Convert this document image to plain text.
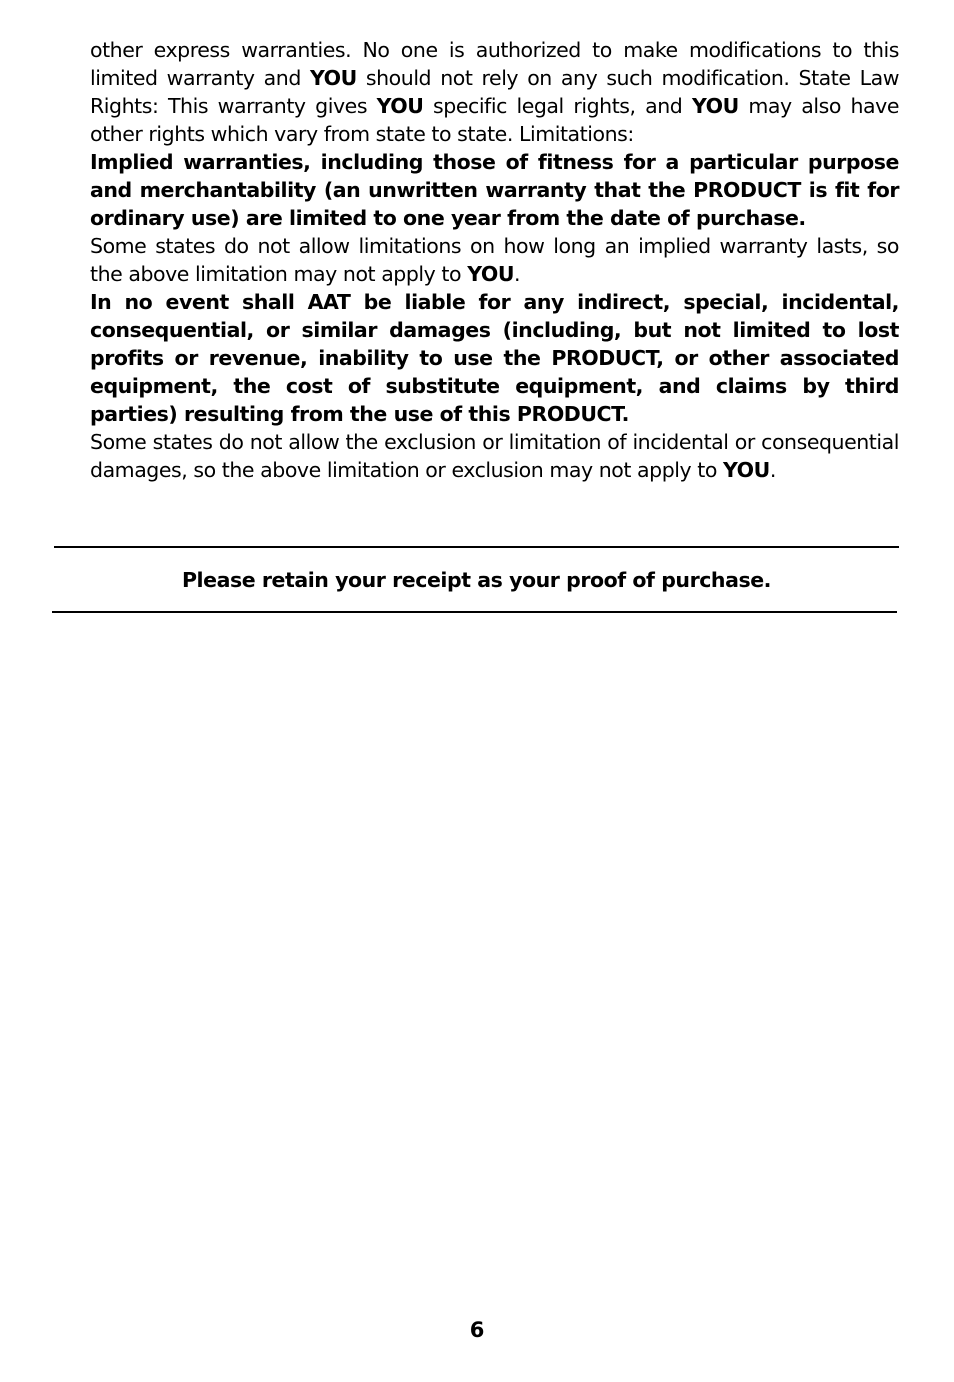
other express warranties. No one is authorized to make modifications to this limited warranty and YOU should not rely on any such modification. State Law Rights: This warranty gives YOU specific legal rights, and YOU may also have other rights which vary from state to state. Limitations:

Implied warranties, including those of fitness for a particular purpose and merchantability (an unwritten warranty that the PRODUCT is fit for ordinary use) are limited to one year from the date of purchase.

Some states do not allow limitations on how long an implied warranty lasts, so the above limitation may not apply to YOU.

In no event shall AAT be liable for any indirect, special, incidental, consequential, or similar damages (including, but not limited to lost profits or revenue, inability to use the PRODUCT, or other associated equipment, the cost of substitute equipment, and claims by third parties) resulting from the use of this PRODUCT.

Some states do not allow the exclusion or limitation of incidental or consequential damages, so the above limitation or exclusion may not apply to YOU.

Please retain your receipt as your proof of purchase.
6
